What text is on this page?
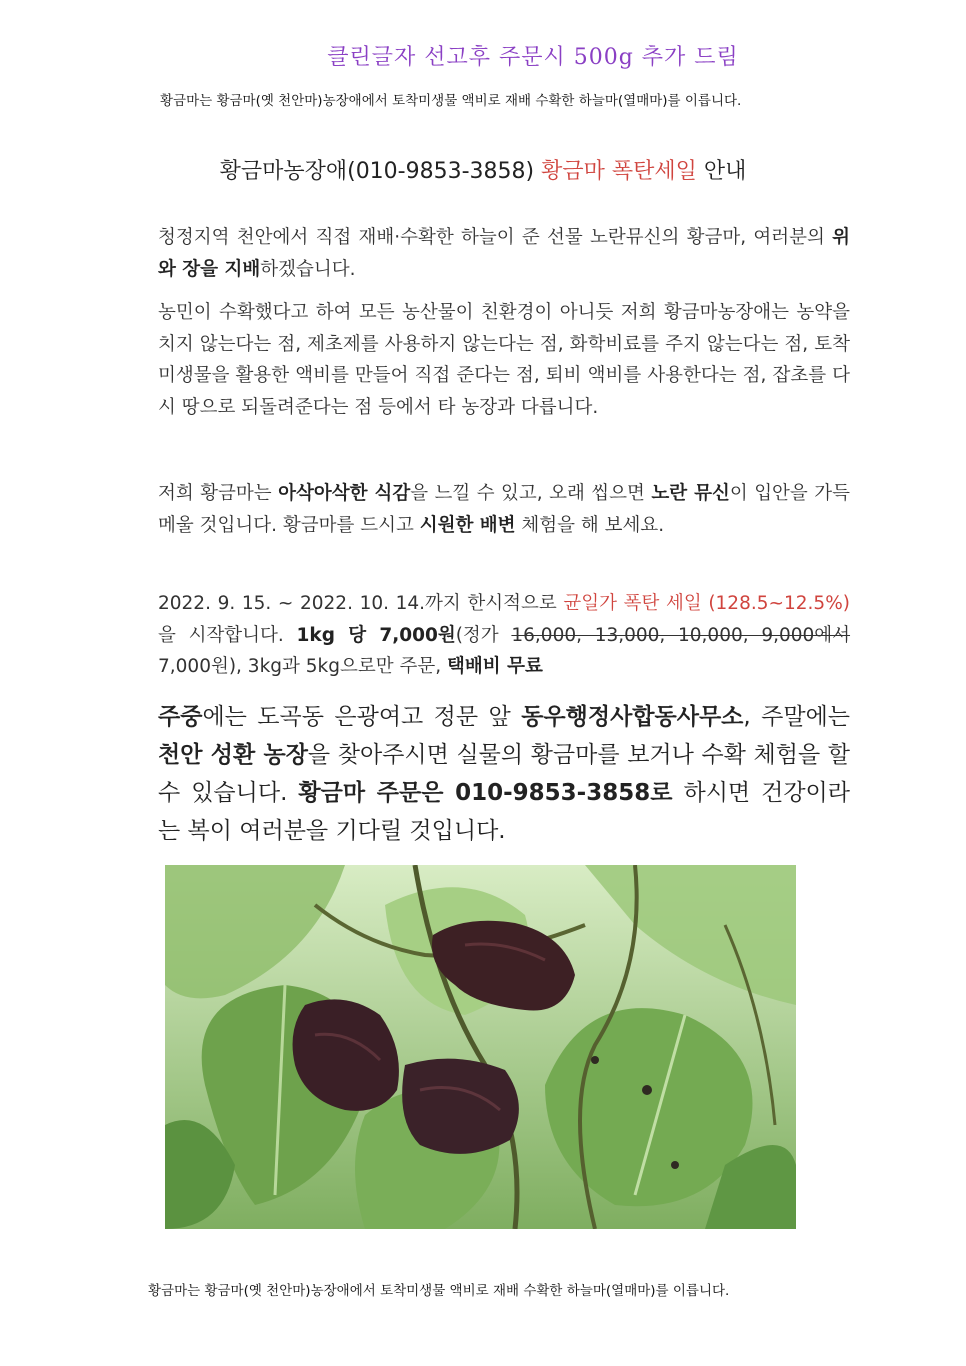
클린글자 선고후 주문시 500g 추가 드림
황금마는 황금마(옛 천안마)농장애에서 토착미생물 액비로 재배 수확한 하늘마(열매마)를 이릅니다.
황금마농장애(010-9853-3858) 황금마 폭탄세일 안내
청정지역 천안에서 직접 재배·수확한 하늘이 준 선물 노란뮤신의 황금마, 여러분의 위와 장을 지배하겠습니다.
농민이 수확했다고 하여 모든 농산물이 친환경이 아니듯 저희 황금마농장애는 농약을 치지 않는다는 점, 제초제를 사용하지 않는다는 점, 화학비료를 주지 않는다는 점, 토착 미생물을 활용한 액비를 만들어 직접 준다는 점, 퇴비 액비를 사용한다는 점, 잡초를 다시 땅으로 되돌려준다는 점 등에서 타 농장과 다릅니다.
저희 황금마는 아삭아삭한 식감을 느낄 수 있고, 오래 씹으면 노란 뮤신이 입안을 가득 메울 것입니다. 황금마를 드시고 시원한 배변 체험을 해 보세요.
2022. 9. 15. ~ 2022. 10. 14.까지 한시적으로 균일가 폭탄 세일 (128.5~12.5%)을 시작합니다. 1kg 당 7,000원(정가 16,000, 13,000, 10,000, 9,000에서 7,000원), 3kg과 5kg으로만 주문, 택배비 무료
주중에는 도곡동 은광여고 정문 앞 동우행정사합동사무소, 주말에는 천안 성환 농장을 찾아주시면 실물의 황금마를 보거나 수확 체험을 할 수 있습니다. 황금마 주문은 010-9853-3858로 하시면 건강이라는 복이 여러분을 기다릴 것입니다.
황금마는 황금마(옛 천안마)농장애에서 토착미생물 액비로 재배 수확한 하늘마(열매마)를 이릅니다.
